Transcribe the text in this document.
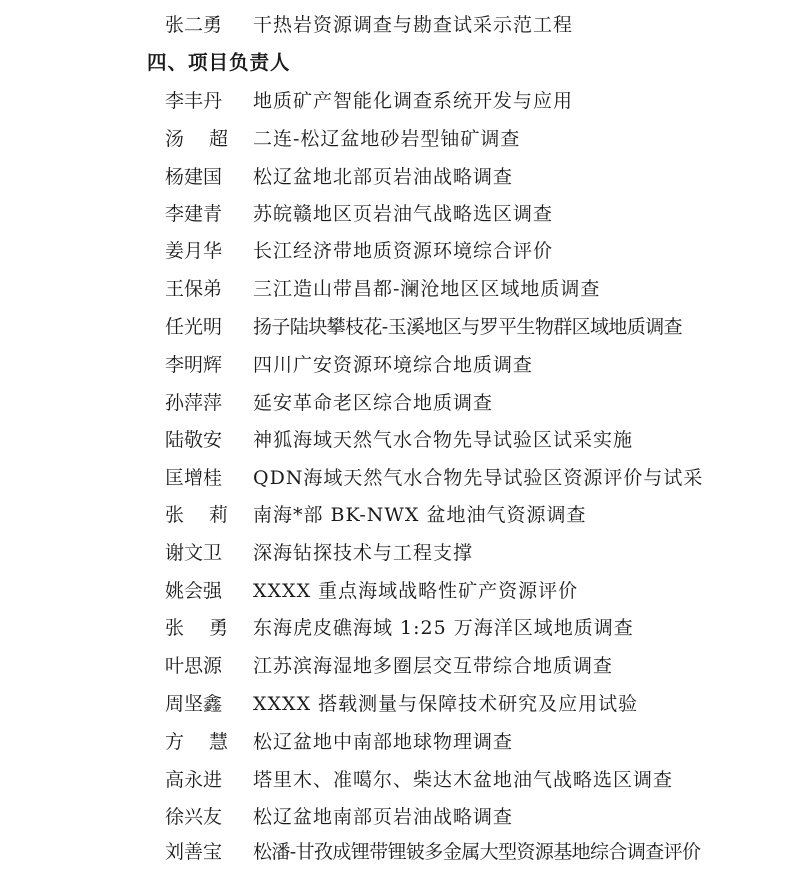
张二勇	干热岩资源调查与勘查试采示范工程
四、项目负责人
李丰丹	地质矿产智能化调查系统开发与应用
汤超 二连-松辽盆地砂岩型铀矿调查
杨建国	松辽盆地北部页岩油战略调查
李建青	苏皖赣地区页岩油气战略选区调查
姜月华	长江经济带地质资源环境综合评价
王保弟	三江造山带昌都-澜沧地区区域地质调查
任光明	扬子陆块攀枝花-玉溪地区与罗平生物群区域地质调查
李明辉	四川广安资源环境综合地质调查
孙萍萍	延安革命老区综合地质调查
陆敬安	神狐海域天然气水合物先导试验区试采实施
匡增桂	QDN海域天然气水合物先导试验区资源评价与试采
张莉 南海*部 BK-NWX 盆地油气资源调查
谢文卫	深海钻探技术与工程支撑
姚会强	XXXX 重点海域战略性矿产资源评价
张勇 东海虎皮礁海域 1:25 万海洋区域地质调查
叶思源	江苏滨海湿地多圈层交互带综合地质调查
周坚鑫	XXXX 搭载测量与保障技术研究及应用试验
方慧 松辽盆地中南部地球物理调查
高永进	塔里木、准噶尔、柴达木盆地油气战略选区调查
徐兴友	松辽盆地南部页岩油战略调查
刘善宝	松潘-甘孜成锂带锂铍多金属大型资源基地综合调查评价
